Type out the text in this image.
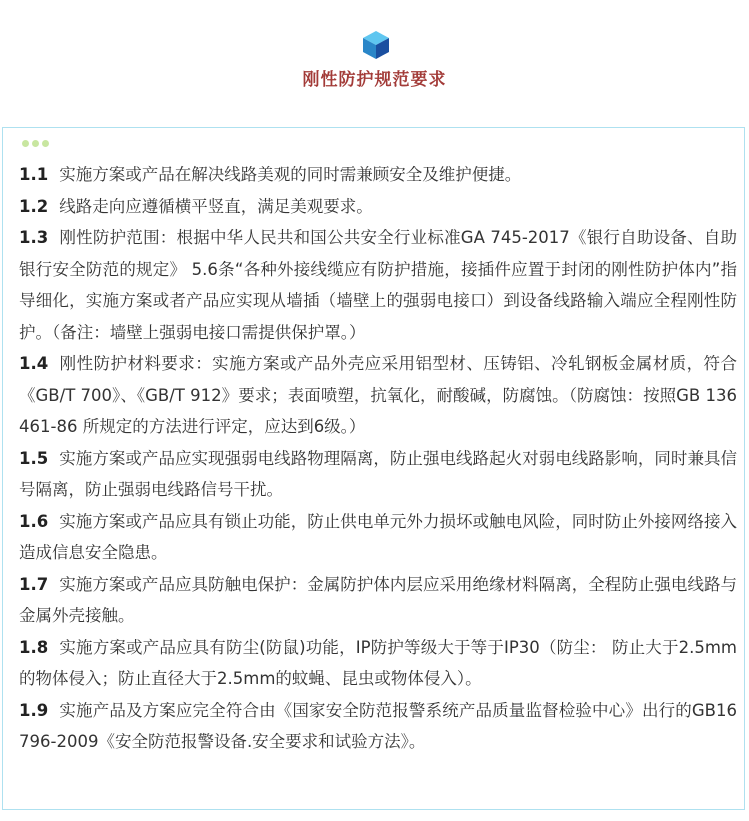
刚性防护规范要求
1.1 实施方案或产品在解决线路美观的同时需兼顾安全及维护便捷。
1.2 线路走向应遵循横平竖直，满足美观要求。
1.3 刚性防护范围：根据中华人民共和国公共安全行业标准GA 745-2017《银行自助设备、自助银行安全防范的规定》 5.6条“各种外接线缆应有防护措施，接插件应置于封闭的刚性防护体内”指导细化，实施方案或者产品应实现从墙插（墙壁上的强弱电接口）到设备线路输入端应全程刚性防护。（备注：墙壁上强弱电接口需提供保护罩。）
1.4 刚性防护材料要求：实施方案或产品外壳应采用铝型材、压铸铝、冷轧钢板金属材质，符合《GB/T 700》、《GB/T 912》要求；表面喷塑，抗氧化，耐酸碱，防腐蚀。（防腐蚀：按照GB 136461-86 所规定的方法进行评定，应达到6级。）
1.5 实施方案或产品应实现强弱电线路物理隔离，防止强电线路起火对弱电线路影响，同时兼具信号隔离，防止强弱电线路信号干扰。
1.6 实施方案或产品应具有锁止功能，防止供电单元外力损坏或触电风险，同时防止外接网络接入造成信息安全隐患。
1.7 实施方案或产品应具防触电保护：金属防护体内层应采用绝缘材料隔离，全程防止强电线路与金属外壳接触。
1.8 实施方案或产品应具有防尘(防鼠)功能，IP防护等级大于等于IP30（防尘： 防止大于2.5mm的物体侵入；防止直径大于2.5mm的蚊蝇、昆虫或物体侵入）。
1.9 实施产品及方案应完全符合由《国家安全防范报警系统产品质量监督检验中心》出行的GB16796-2009《安全防范报警设备.安全要求和试验方法》。
